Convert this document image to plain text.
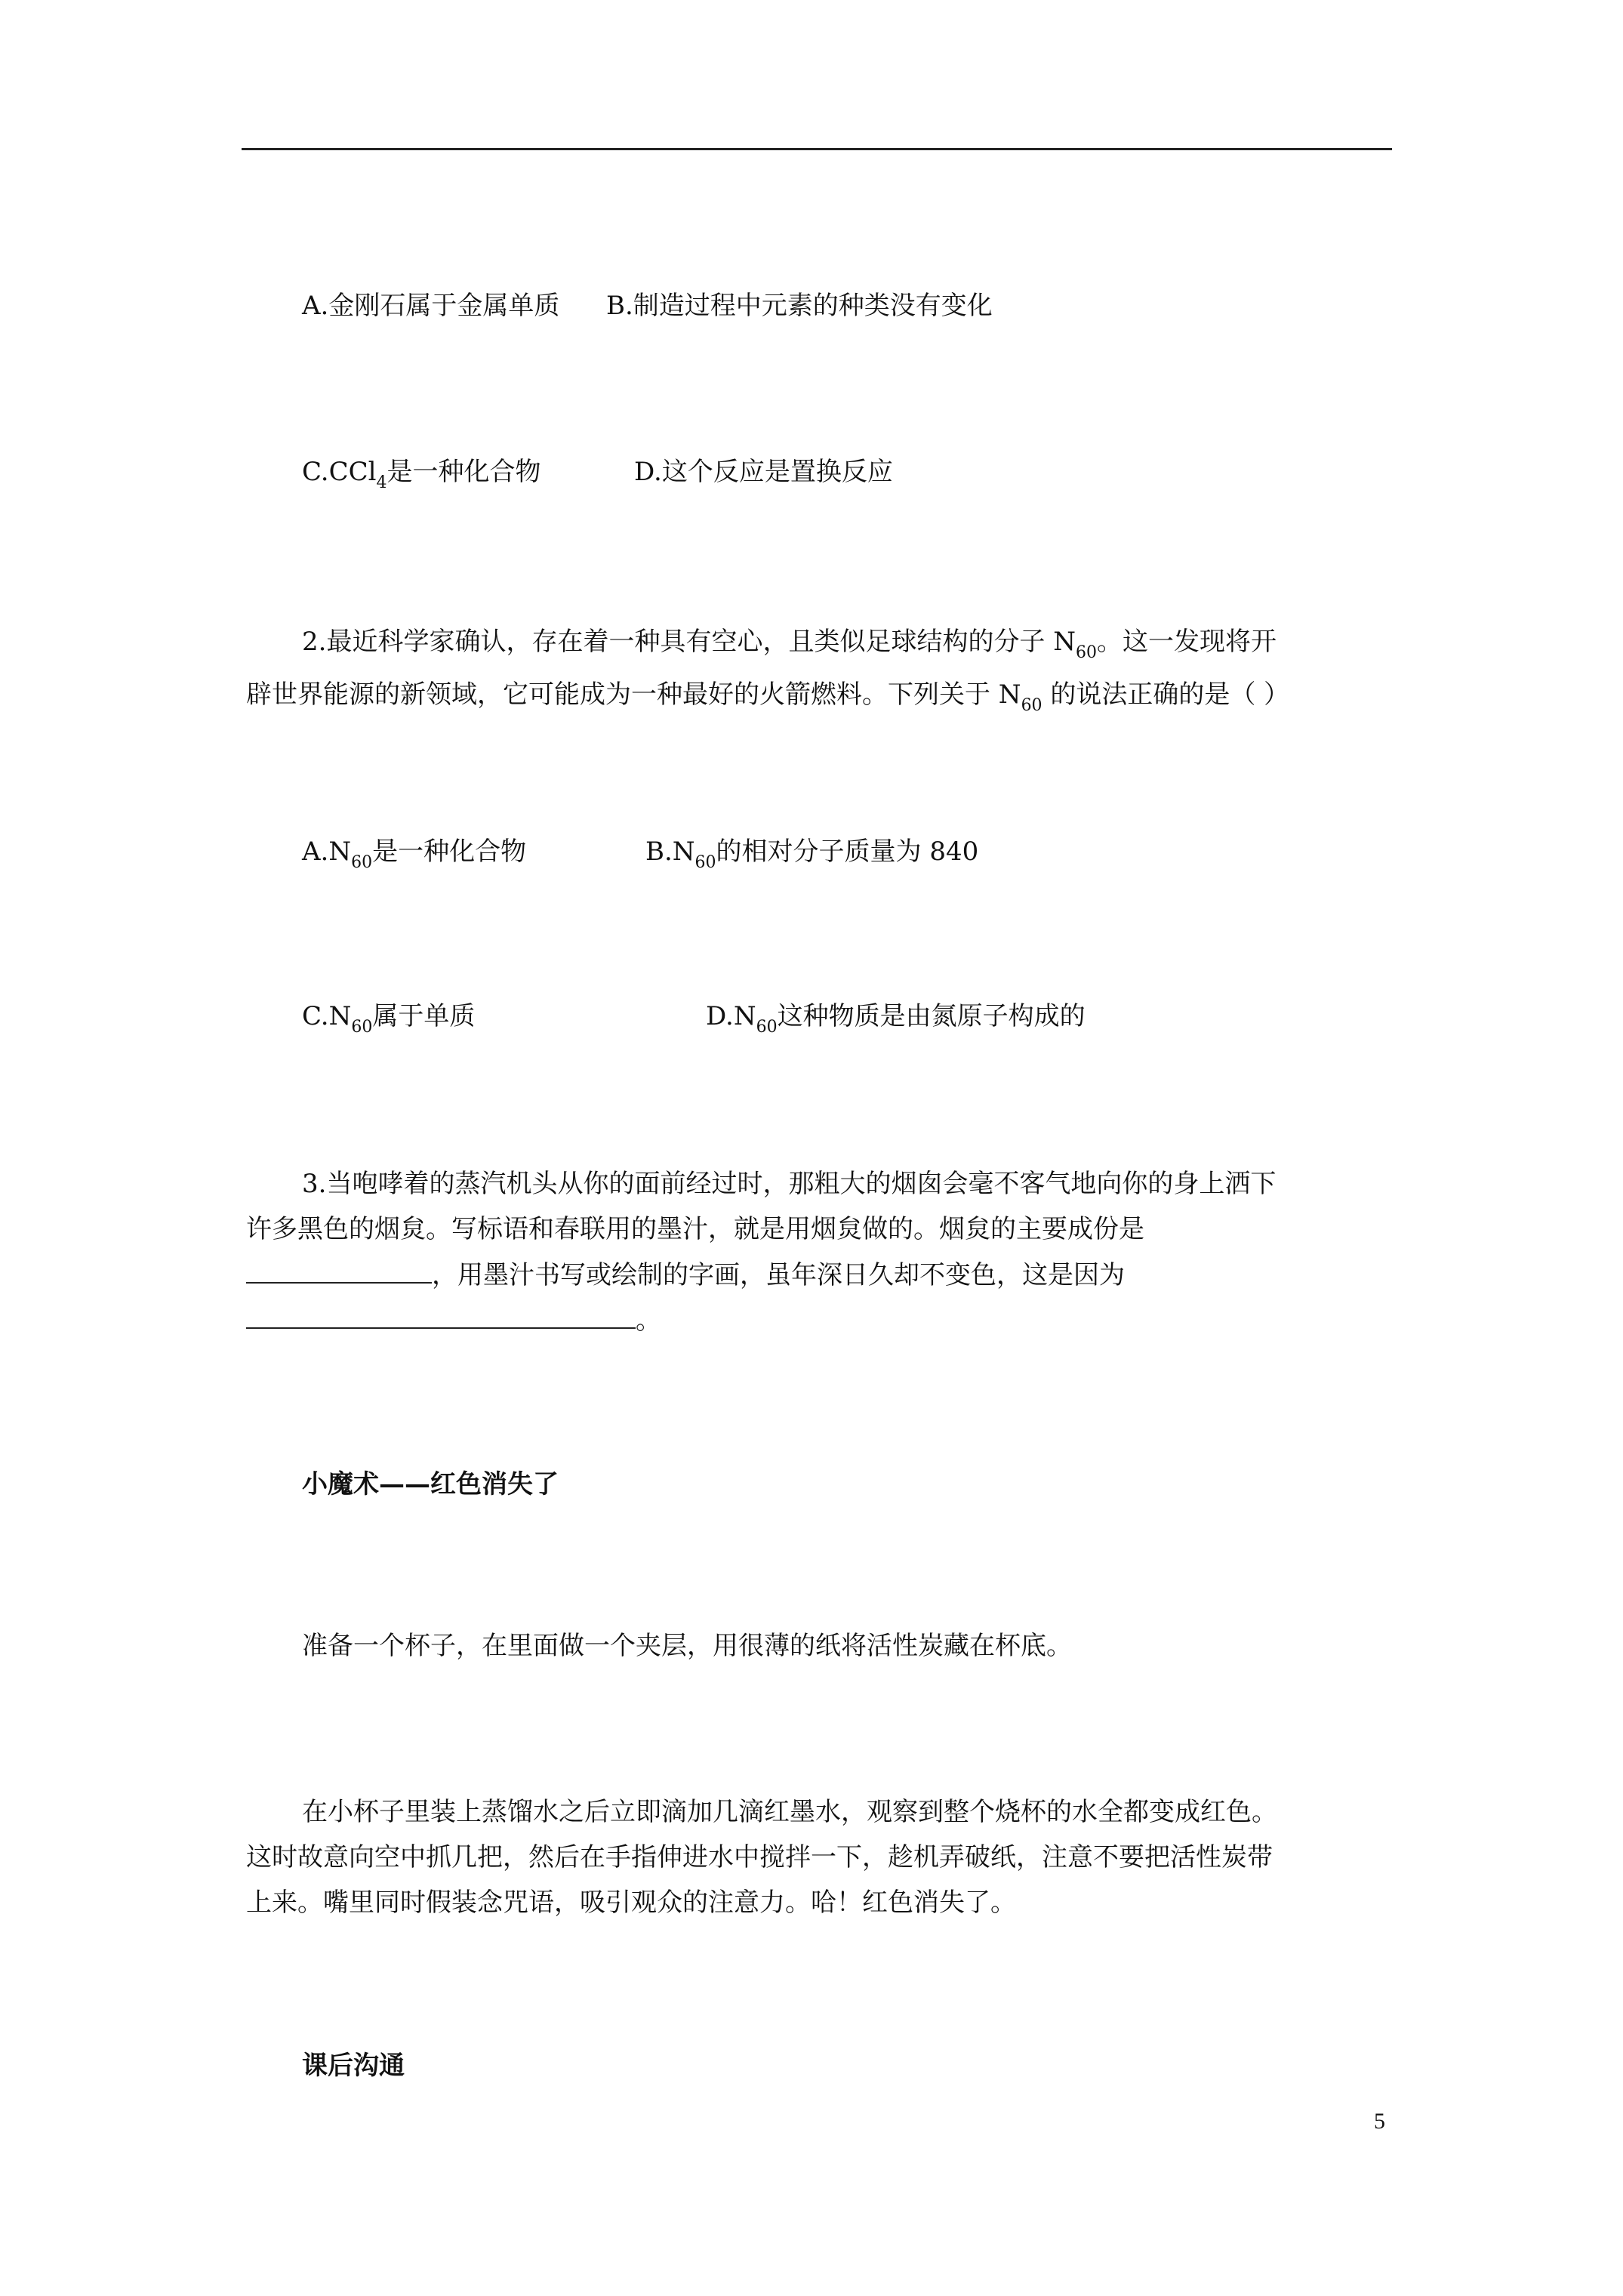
A.金刚石属于金属单质 B.制造过程中元素的种类没有变化
C.CCl$_4$是一种化合物	D.这个反应是置换反应
2.最近科学家确认，存在着一种具有空心，且类似足球结构的分子 $N_{60}$。这一发现将开
辟世界能源的新领域，它可能成为一种最好的火箭燃料。下列关于 $N_{60}$ 的说法正确的是（ ）
$A.N_{60}$是一种化合物	$B.N_{60}$的相对分子质量为 840
$C.N_{60}$属于单质	$D.N_{60}$这种物质是由氮原子构成的
3.当咆哮着的蒸汽机头从你的面前经过时，那粗大的烟囱会毫不客气地向你的身上洒下
许多黑色的烟炱。写标语和春联用的墨汁，就是用烟炱做的。烟炱的主要成份是
，用墨汁书写或绘制的字画，虽年深日久却不变色，这是因为
。
小魔术——红色消失了
准备一个杯子，在里面做一个夹层，用很薄的纸将活性炭藏在杯底。
在小杯子里装上蒸馏水之后立即滴加几滴红墨水，观察到整个烧杯的水全都变成红色。
这时故意向空中抓几把，然后在手指伸进水中搅拌一下，趁机弄破纸，注意不要把活性炭带
上来。嘴里同时假装念咒语，吸引观众的注意力。哈！红色消失了。
课后沟通
5
